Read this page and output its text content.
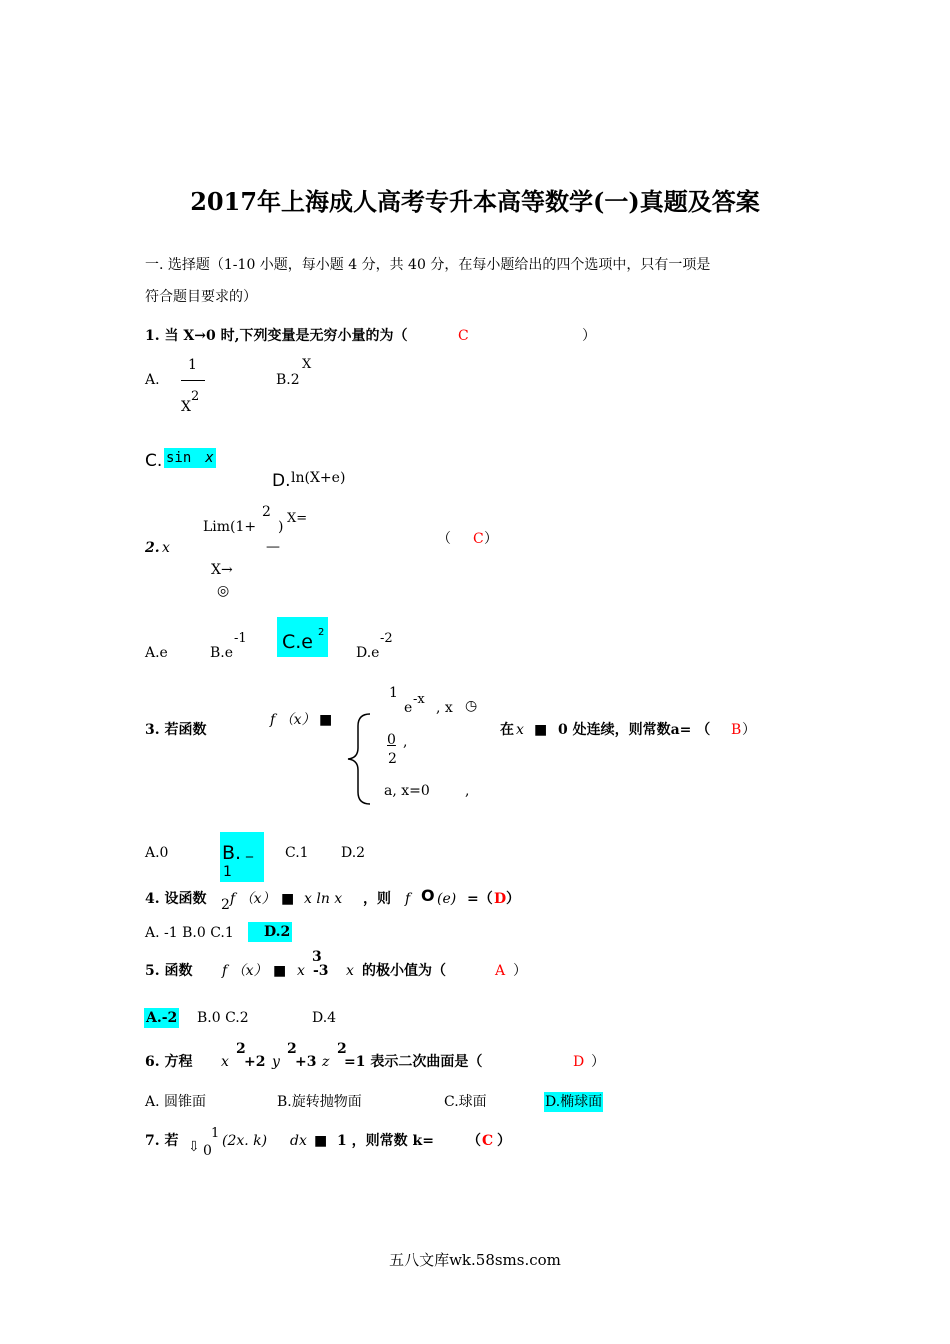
2017年上海成人高考专升本高等数学(一)真题及答案
一. 选择题（1-10 小题，每小题 4 分，共 40 分，在每小题给出的四个选项中，只有一项是
符合题目要求的）
1. 当 X→0 时,下列变量是无穷小量的为（	C	）
A.
1
X
2
B.2
X
C. sin x
D. ln(X+e)
2. x
Lim(1+
2
)
X=
—
X→
◎
（ C ）
A.e	B.e
-1 C.e 2
D.e
-2
3. 若函数
f （x） ■
1
e
-x
, x ◷
0 ,
2
a, x=0	,
在 x ■ 0 处连续，则常数a= （ B ）
A.0	B. _
1
C.1 D.2
4. 设函数 2 f （x） ■ x ln x ，则 f O (e) =（ D ）
A. -1 B.0 C.1	D.2
5. 函数 f （x） ■ x
3
-3 x 的极小值为（	A ）
A.-2 B.0 C.2	D.4
6. 方程 x
2
+2 y
2
+3 z
2
=1 表示二次曲面是（	D ）
A. 圆锥面	B.旋转抛物面	C.球面	D.椭球面
7. 若 ⇩ 0
1 (2x. k) dx ■ 1 ，则常数 k= （ C ）
五八文库wk.58sms.com
